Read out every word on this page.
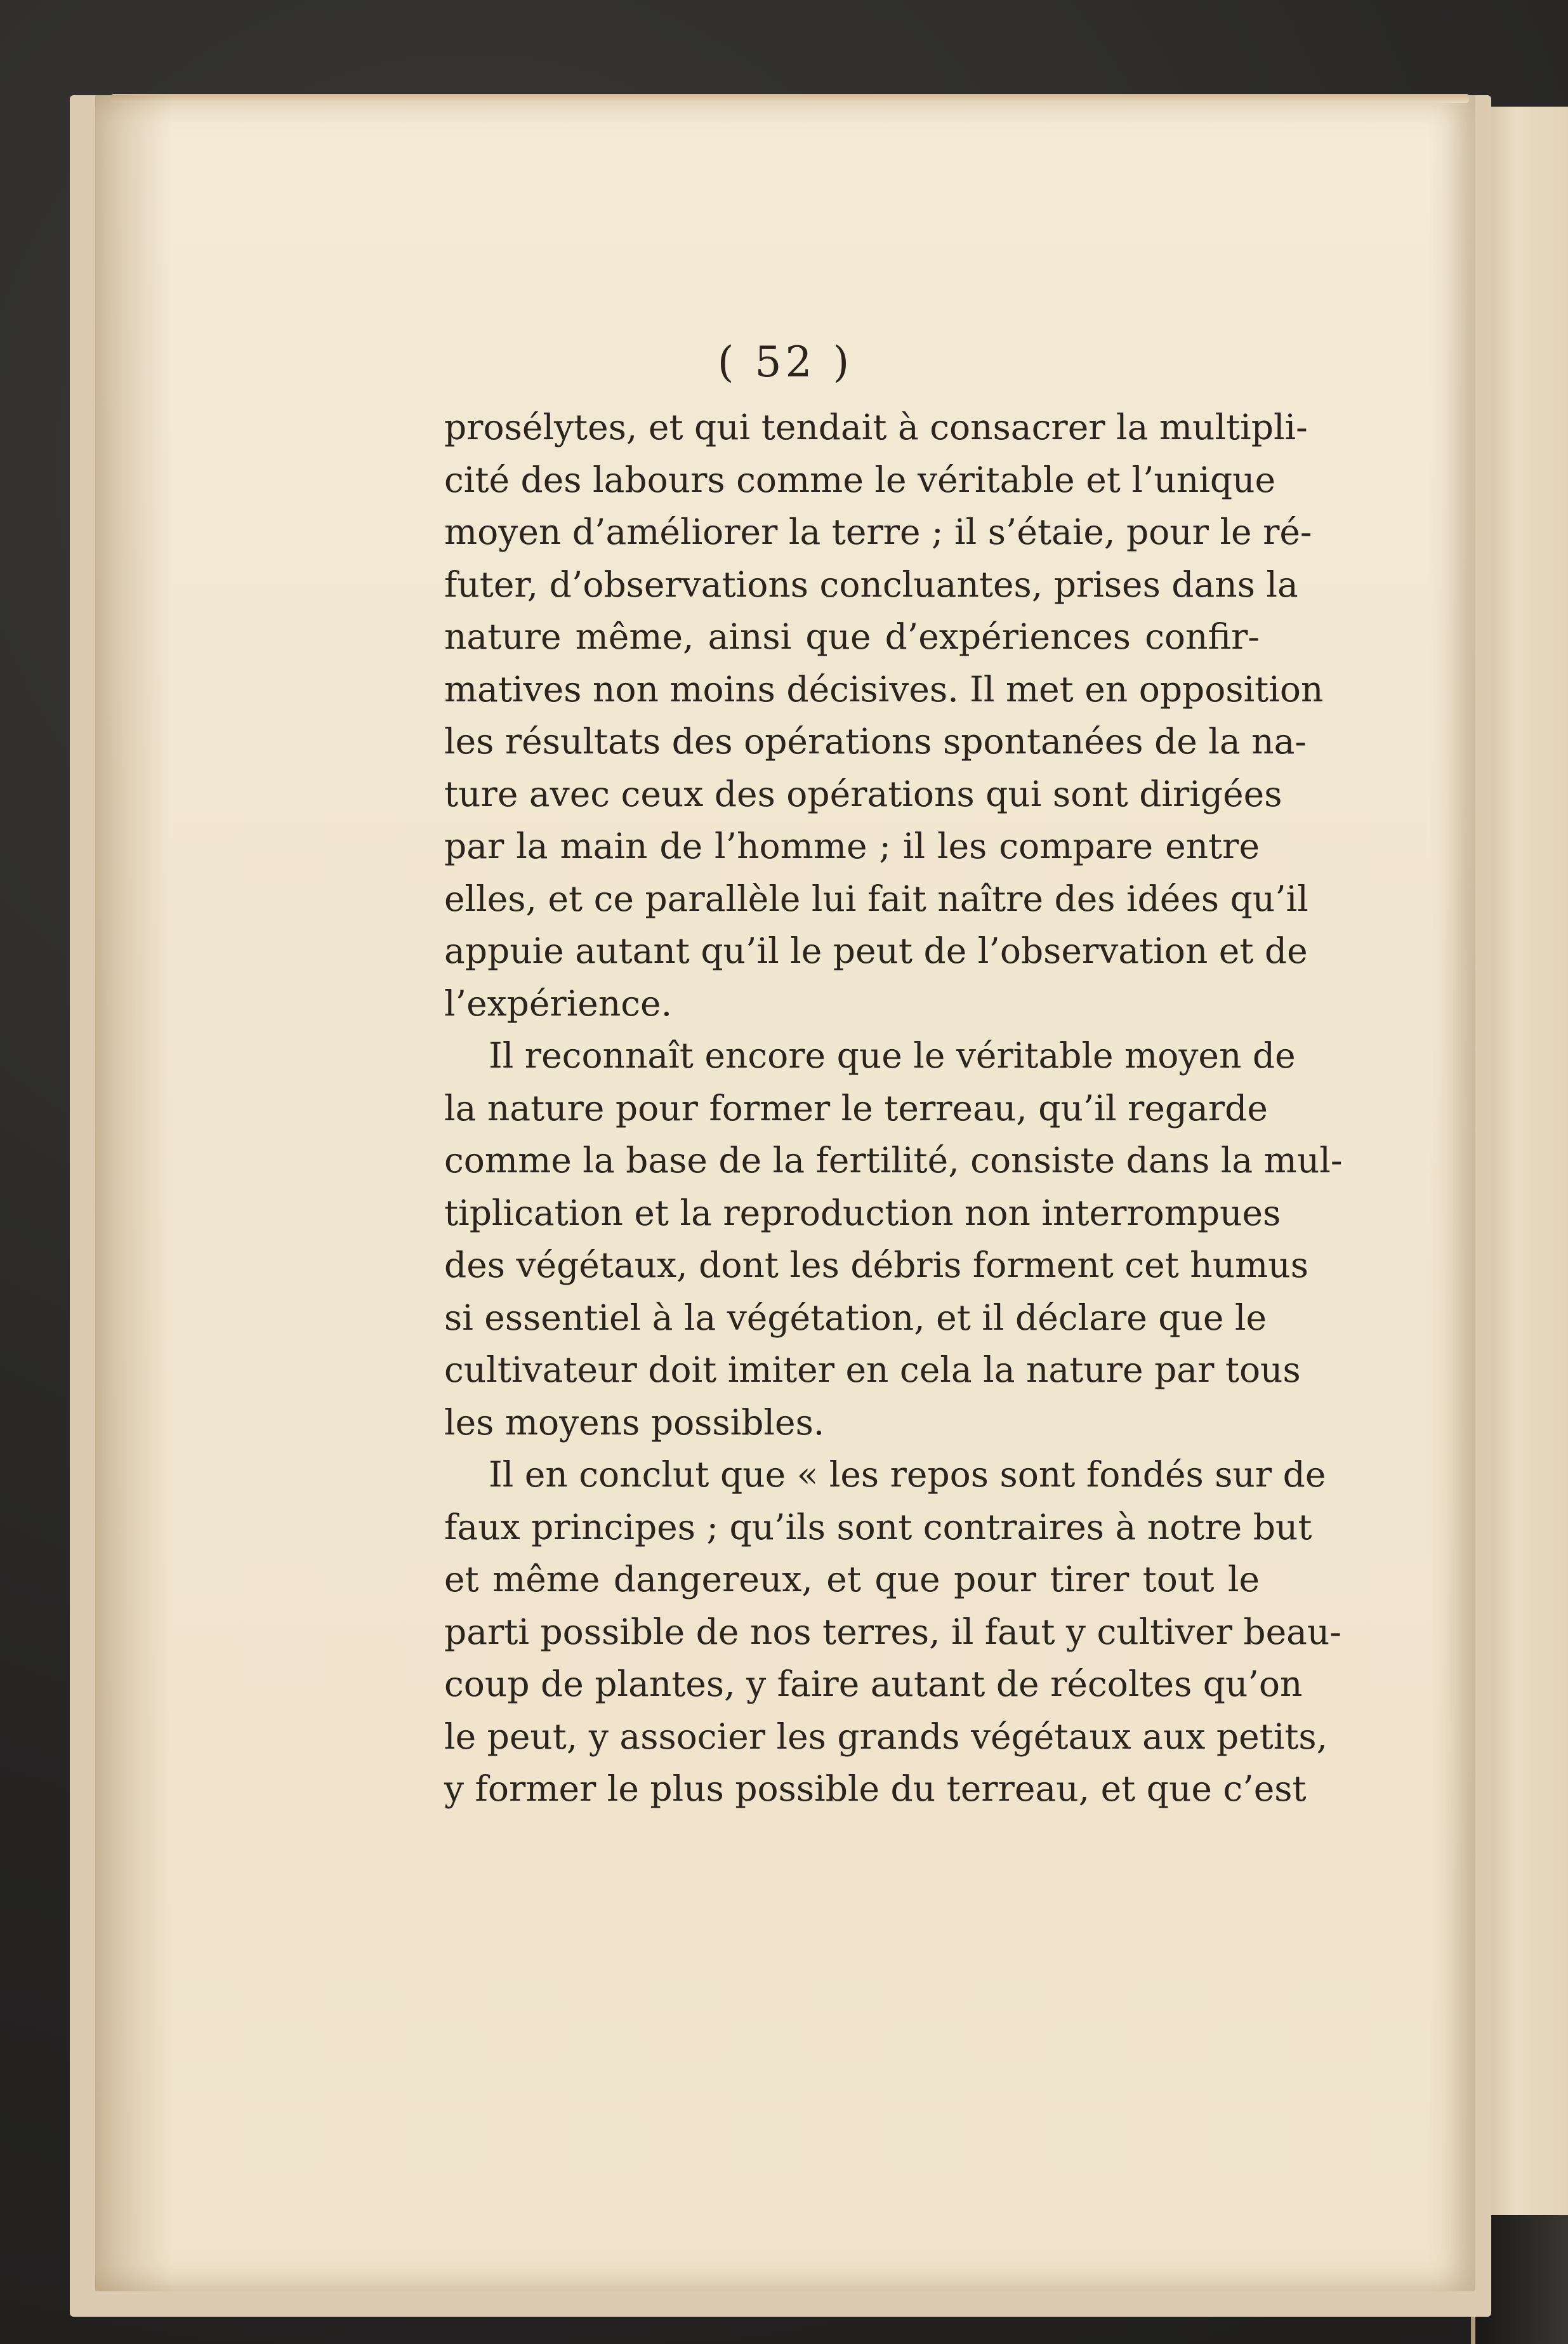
( 52 )
prosélytes, et qui tendait à consacrer la multipli-
cité des labours comme le véritable et l’unique
moyen d’améliorer la terre ; il s’étaie, pour le ré-
futer, d’observations concluantes, prises dans la
nature même, ainsi que d’expériences confir-
matives non moins décisives. Il met en opposition
les résultats des opérations spontanées de la na-
ture avec ceux des opérations qui sont dirigées
par la main de l’homme ; il les compare entre
elles, et ce parallèle lui fait naître des idées qu’il
appuie autant qu’il le peut de l’observation et de
l’expérience.
Il reconnaît encore que le véritable moyen de
la nature pour former le terreau, qu’il regarde
comme la base de la fertilité, consiste dans la mul-
tiplication et la reproduction non interrompues
des végétaux, dont les débris forment cet humus
si essentiel à la végétation, et il déclare que le
cultivateur doit imiter en cela la nature par tous
les moyens possibles.
Il en conclut que « les repos sont fondés sur de
faux principes ; qu’ils sont contraires à notre but
et même dangereux, et que pour tirer tout le
parti possible de nos terres, il faut y cultiver beau-
coup de plantes, y faire autant de récoltes qu’on
le peut, y associer les grands végétaux aux petits,
y former le plus possible du terreau, et que c’est
